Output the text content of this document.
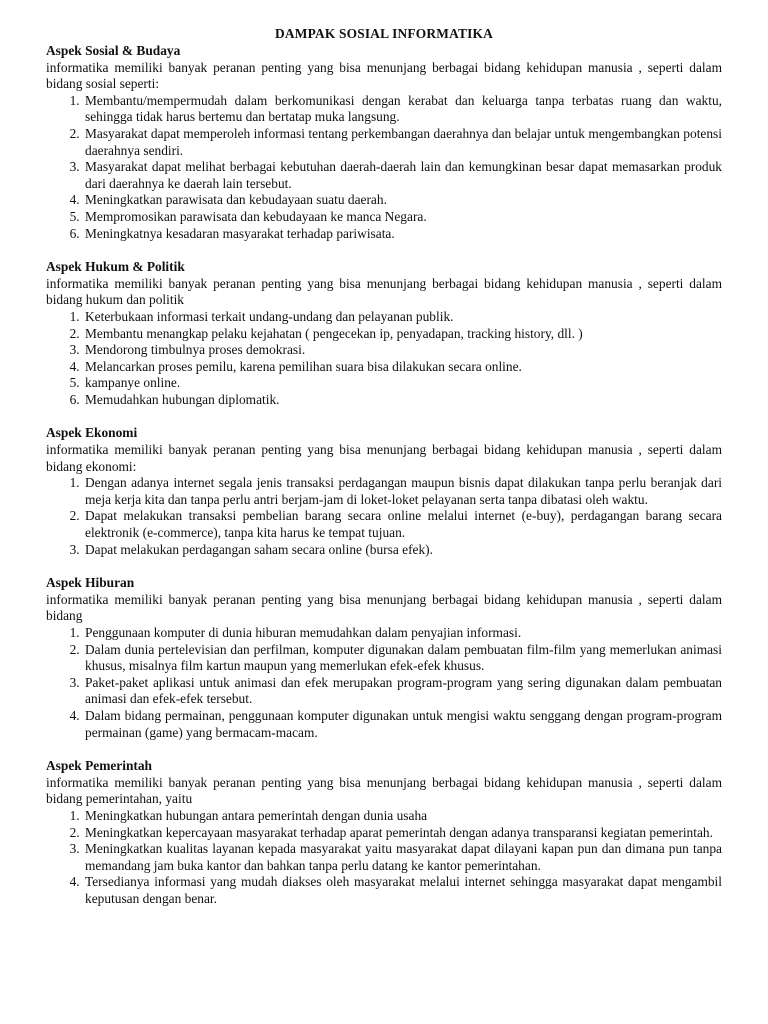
DAMPAK SOSIAL INFORMATIKA
Aspek Sosial & Budaya
informatika memiliki banyak peranan penting yang bisa menunjang berbagai bidang kehidupan manusia , seperti dalam bidang sosial seperti:
1. Membantu/mempermudah dalam berkomunikasi dengan kerabat dan keluarga tanpa terbatas ruang dan waktu, sehingga tidak harus bertemu dan bertatap muka langsung.
2. Masyarakat dapat memperoleh informasi tentang perkembangan daerahnya dan belajar untuk mengembangkan potensi daerahnya sendiri.
3. Masyarakat dapat melihat berbagai kebutuhan daerah-daerah lain dan kemungkinan besar dapat memasarkan produk dari daerahnya ke daerah lain tersebut.
4. Meningkatkan parawisata dan kebudayaan suatu daerah.
5. Mempromosikan parawisata dan kebudayaan ke manca Negara.
6. Meningkatnya kesadaran masyarakat terhadap pariwisata.
Aspek Hukum & Politik
informatika memiliki banyak peranan penting yang bisa menunjang berbagai bidang kehidupan manusia , seperti dalam bidang hukum dan politik
1. Keterbukaan informasi terkait undang-undang dan pelayanan publik.
2. Membantu menangkap pelaku kejahatan ( pengecekan ip, penyadapan, tracking history, dll. )
3. Mendorong timbulnya proses demokrasi.
4. Melancarkan proses pemilu, karena pemilihan suara bisa dilakukan secara online.
5. kampanye online.
6. Memudahkan hubungan diplomatik.
Aspek Ekonomi
informatika memiliki banyak peranan penting yang bisa menunjang berbagai bidang kehidupan manusia , seperti dalam bidang ekonomi:
1. Dengan adanya internet segala jenis transaksi perdagangan maupun bisnis dapat dilakukan tanpa perlu beranjak dari meja kerja kita dan tanpa perlu antri berjam-jam di loket-loket pelayanan serta tanpa dibatasi oleh waktu.
2. Dapat melakukan transaksi pembelian barang secara online melalui internet (e-buy), perdagangan barang secara elektronik (e-commerce), tanpa kita harus ke tempat tujuan.
3. Dapat melakukan perdagangan saham secara online (bursa efek).
Aspek Hiburan
informatika memiliki banyak peranan penting yang bisa menunjang berbagai bidang kehidupan manusia , seperti dalam bidang
1. Penggunaan komputer di dunia hiburan memudahkan dalam penyajian informasi.
2. Dalam dunia pertelevisian dan perfilman, komputer digunakan dalam pembuatan film-film yang memerlukan animasi khusus, misalnya film kartun maupun yang memerlukan efek-efek khusus.
3. Paket-paket aplikasi untuk animasi dan efek merupakan program-program yang sering digunakan dalam pembuatan animasi dan efek-efek tersebut.
4. Dalam bidang permainan, penggunaan komputer digunakan untuk mengisi waktu senggang dengan program-program permainan (game) yang bermacam-macam.
Aspek Pemerintah
informatika memiliki banyak peranan penting yang bisa menunjang berbagai bidang kehidupan manusia , seperti dalam bidang pemerintahan, yaitu
1. Meningkatkan hubungan antara pemerintah dengan dunia usaha
2. Meningkatkan kepercayaan masyarakat terhadap aparat pemerintah dengan adanya transparansi kegiatan pemerintah.
3. Meningkatkan kualitas layanan kepada masyarakat yaitu masyarakat dapat dilayani kapan pun dan dimana pun tanpa memandang jam buka kantor dan bahkan tanpa perlu datang ke kantor pemerintahan.
4. Tersedianya informasi yang mudah diakses oleh masyarakat melalui internet sehingga masyarakat dapat mengambil keputusan dengan benar.
